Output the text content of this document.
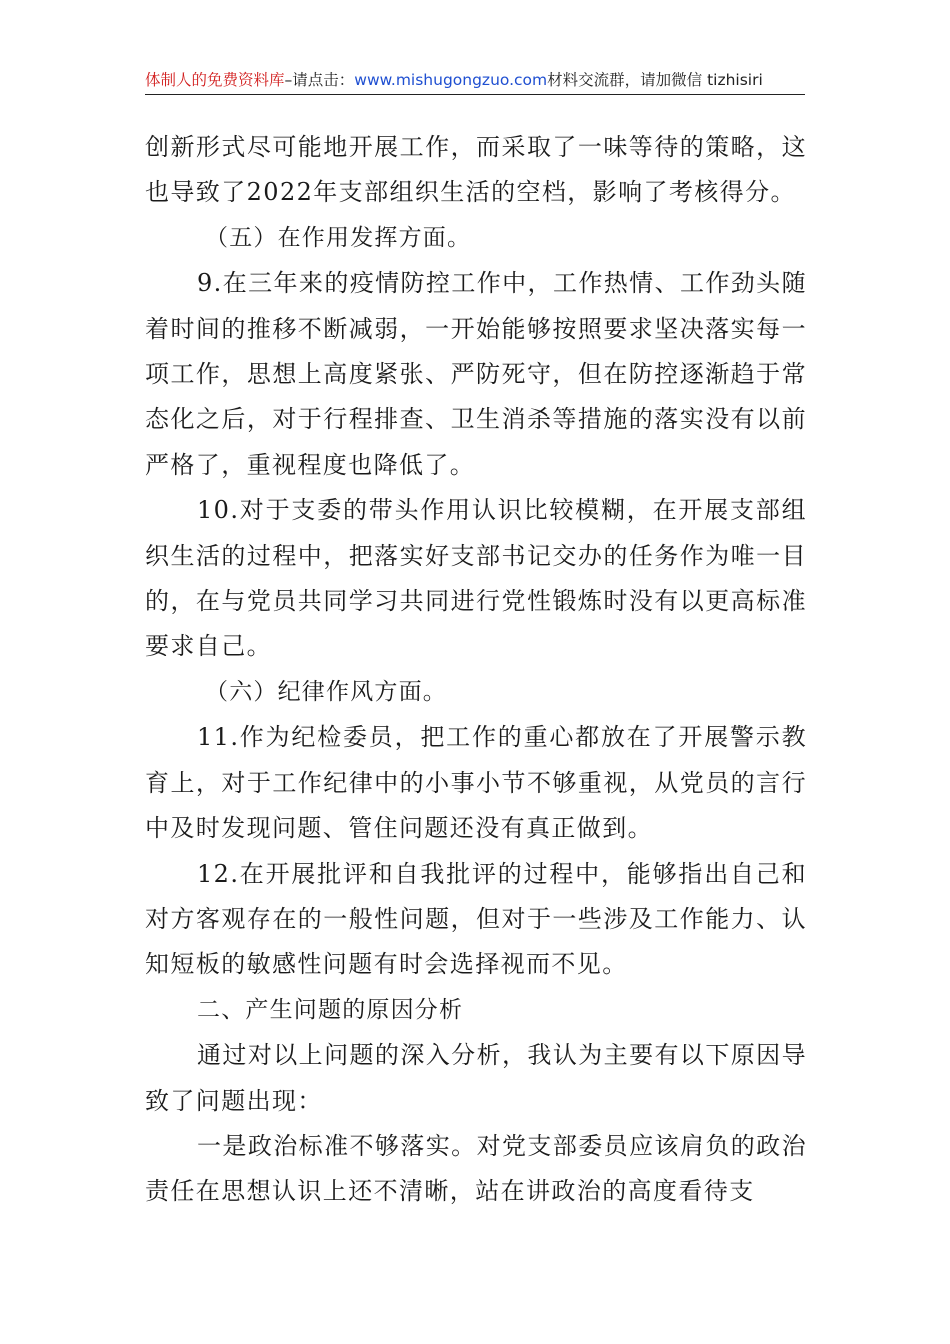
体制人的免费资料库–请点击：www.mishugongzuo.com材料交流群，请加微信 tizhisiri

创新形式尽可能地开展工作，而采取了一味等待的策略，这也导致了2022年支部组织生活的空档，影响了考核得分。

（五）在作用发挥方面。

9.在三年来的疫情防控工作中，工作热情、工作劲头随着时间的推移不断减弱，一开始能够按照要求坚决落实每一项工作，思想上高度紧张、严防死守，但在防控逐渐趋于常态化之后，对于行程排查、卫生消杀等措施的落实没有以前严格了，重视程度也降低了。

10.对于支委的带头作用认识比较模糊，在开展支部组织生活的过程中，把落实好支部书记交办的任务作为唯一目的，在与党员共同学习共同进行党性锻炼时没有以更高标准要求自己。

（六）纪律作风方面。

11.作为纪检委员，把工作的重心都放在了开展警示教育上，对于工作纪律中的小事小节不够重视，从党员的言行中及时发现问题、管住问题还没有真正做到。

12.在开展批评和自我批评的过程中，能够指出自己和对方客观存在的一般性问题，但对于一些涉及工作能力、认知短板的敏感性问题有时会选择视而不见。

二、产生问题的原因分析

通过对以上问题的深入分析，我认为主要有以下原因导致了问题出现：

一是政治标准不够落实。对党支部委员应该肩负的政治责任在思想认识上还不清晰，站在讲政治的高度看待支
